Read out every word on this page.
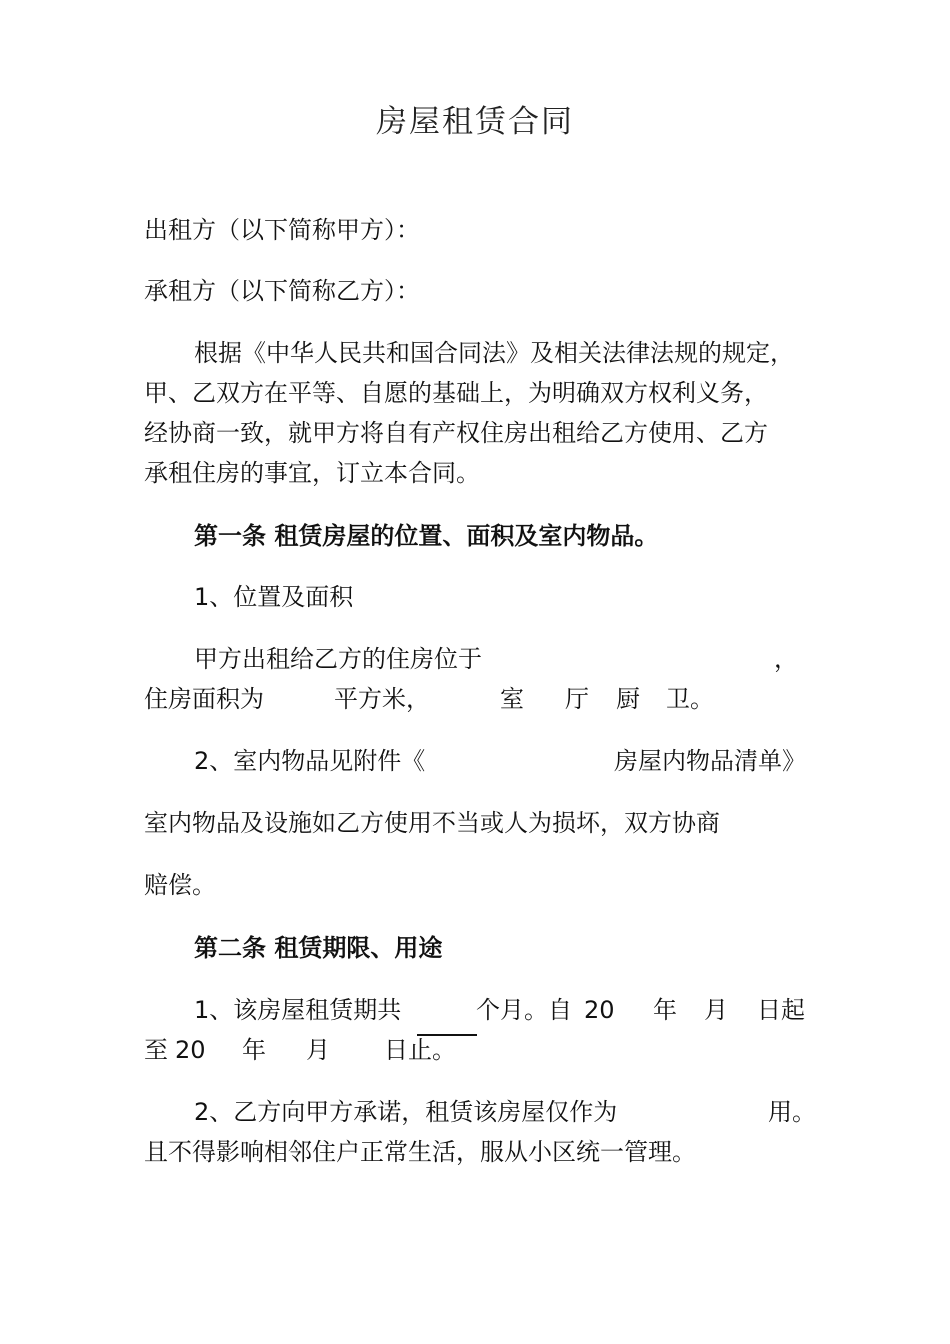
房屋租赁合同
出租方（以下简称甲方）：
承租方（以下简称乙方）：
根据《中华人民共和国合同法》及相关法律法规的规定，
甲、乙双方在平等、自愿的基础上，为明确双方权利义务，
经协商一致，就甲方将自有产权住房出租给乙方使用、乙方
承租住房的事宜，订立本合同。
第一条 租赁房屋的位置、面积及室内物品。
1、位置及面积
甲方出租给乙方的住房位于	，
住房面积为	平方米，	室 厅 厨 卫。
2、室内物品见附件《	房屋内物品清单》
室内物品及设施如乙方使用不当或人为损坏，双方协商
赔偿。
第二条 租赁期限、用途
1、该房屋租赁期共	个月。自 20 年 月 日起
至 20 年 月 日止。
2、乙方向甲方承诺，租赁该房屋仅作为	用。
且不得影响相邻住户正常生活，服从小区统一管理。
